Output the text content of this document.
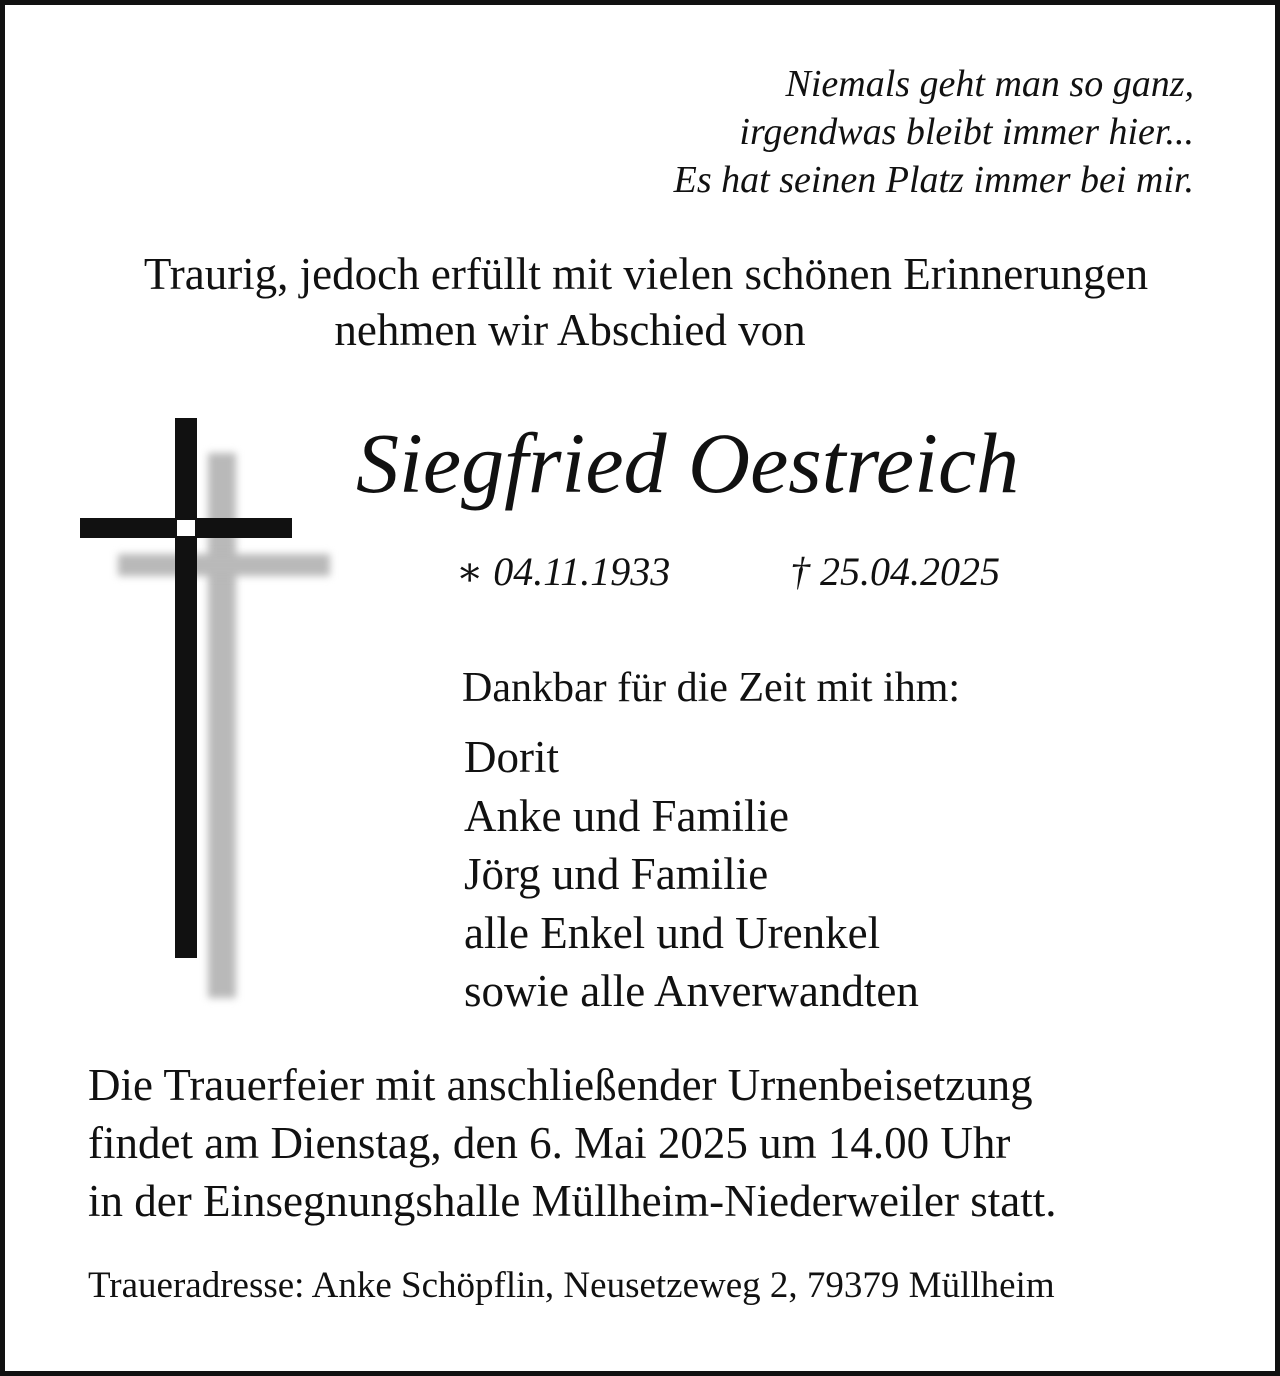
Niemals geht man so ganz,
irgendwas bleibt immer hier...
Es hat seinen Platz immer bei mir.
Traurig, jedoch erfüllt mit vielen schönen Erinnerungen
nehmen wir Abschied von
Siegfried Oestreich
∗ 04.11.1933	† 25.04.2025
Dankbar für die Zeit mit ihm:
Dorit
Anke und Familie
Jörg und Familie
alle Enkel und Urenkel
sowie alle Anverwandten
Die Trauerfeier mit anschließender Urnenbeisetzung
findet am Dienstag, den 6. Mai 2025 um 14.00 Uhr
in der Einsegnungshalle Müllheim-Niederweiler statt.
Traueradresse: Anke Schöpflin, Neusetzeweg 2, 79379 Müllheim
